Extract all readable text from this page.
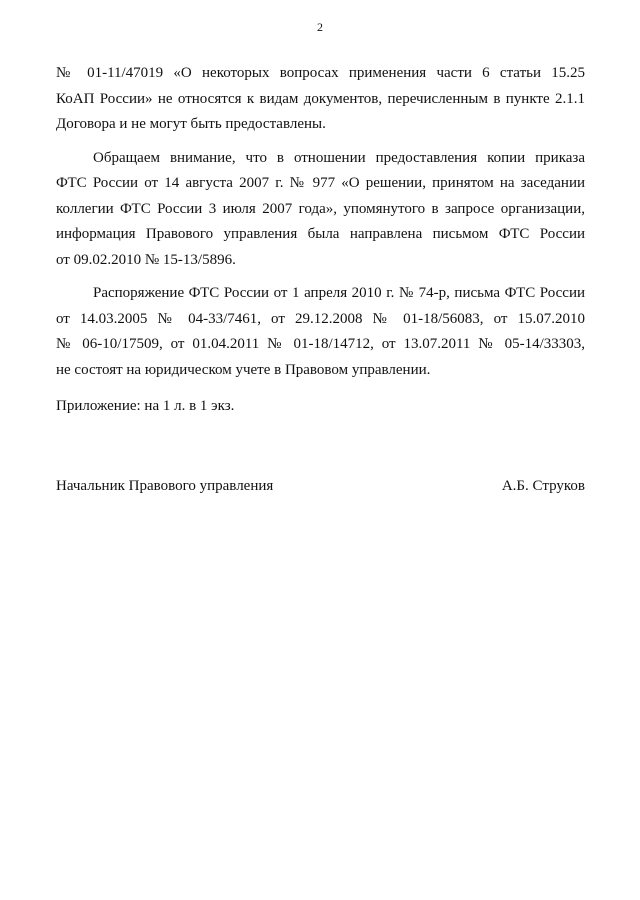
2
№ 01-11/47019 «О некоторых вопросах применения части 6 статьи 15.25
КоАП России» не относятся к видам документов, перечисленным в пункте 2.1.1
Договора и не могут быть предоставлены.
Обращаем внимание, что в отношении предоставления копии приказа
ФТС России от 14 августа 2007 г. № 977 «О решении, принятом на заседании
коллегии ФТС России 3 июля 2007 года», упомянутого в запросе организации,
информация Правового управления была направлена письмом ФТС России
от 09.02.2010 № 15-13/5896.
Распоряжение ФТС России от 1 апреля 2010 г. № 74-р, письма ФТС России
от 14.03.2005 № 04-33/7461, от 29.12.2008 № 01-18/56083, от 15.07.2010
№ 06-10/17509, от 01.04.2011 № 01-18/14712, от 13.07.2011 № 05-14/33303,
не состоят на юридическом учете в Правовом управлении.
Приложение: на 1 л. в 1 экз.
Начальник Правового управления	А.Б. Струков
